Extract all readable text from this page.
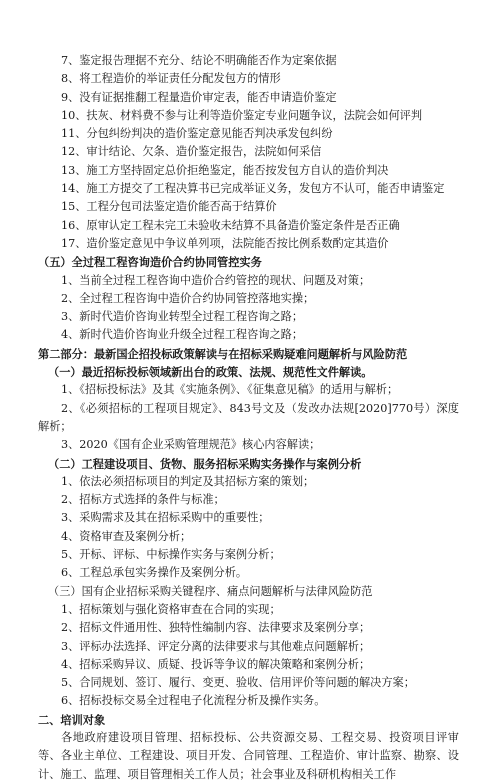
7、鉴定报告理据不充分、结论不明确能否作为定案依据
8、将工程造价的举证责任分配发包方的情形
9、没有证据推翻工程量造价审定表，能否申请造价鉴定
10、扶灰、材料费不参与让利等造价鉴定专业问题争议，法院会如何评判
11、分包纠纷判决的造价鉴定意见能否判决承发包纠纷
12、审计结论、欠条、造价鉴定报告，法院如何采信
13、施工方坚持固定总价拒绝鉴定，能否按发包方自认的造价判决
14、施工方提交了工程决算书已完成举证义务，发包方不认可，能否申请鉴定
15、工程分包司法鉴定造价能否高于结算价
16、原审认定工程未完工未验收未结算不具备造价鉴定条件是否正确
17、造价鉴定意见中争议单列项，法院能否按比例系数酌定其造价
（五）全过程工程咨询造价合约协同管控实务
1、当前全过程工程咨询中造价合约管控的现状、问题及对策；
2、全过程工程咨询中造价合约协同管控落地实操；
3、新时代造价咨询业转型全过程工程咨询之路；
4、新时代造价咨询业升级全过程工程咨询之路；
第二部分：最新国企招投标政策解读与在招标采购疑难问题解析与风险防范
（一）最近招标投标领域新出台的政策、法规、规范性文件解读。
1、《招标投标法》及其《实施条例》、《征集意见稿》的适用与解析；
2、《必须招标的工程项目规定》、843号文及（发改办法规[2020]770号）深度解析；
3、2020《国有企业采购管理规范》核心内容解读；
（二）工程建设项目、货物、服务招标采购实务操作与案例分析
1、依法必须招标项目的判定及其招标方案的策划；
2、招标方式选择的条件与标准；
3、采购需求及其在招标采购中的重要性；
4、资格审查及案例分析；
5、开标、评标、中标操作实务与案例分析；
6、工程总承包实务操作及案例分析。
（三）国有企业招标采购关键程序、痛点问题解析与法律风险防范
1、招标策划与强化资格审查在合同的实现；
2、招标文件通用性、独特性编制内容、法律要求及案例分享；
3、评标办法选择、评定分离的法律要求与其他难点问题解析；
4、招标采购异议、质疑、投诉等争议的解决策略和案例分析；
5、合同规划、签订、履行、变更、验收、信用评价等问题的解决方案；
6、招标投标交易全过程电子化流程分析及操作实务。
二、培训对象
各地政府建设项目管理、招标投标、公共资源交易、工程交易、投资项目评审等、各业主单位、工程建设、项目开发、合同管理、工程造价、审计监察、勘察、设计、施工、监理、项目管理相关工作人员；社会事业及科研机构相关工作
